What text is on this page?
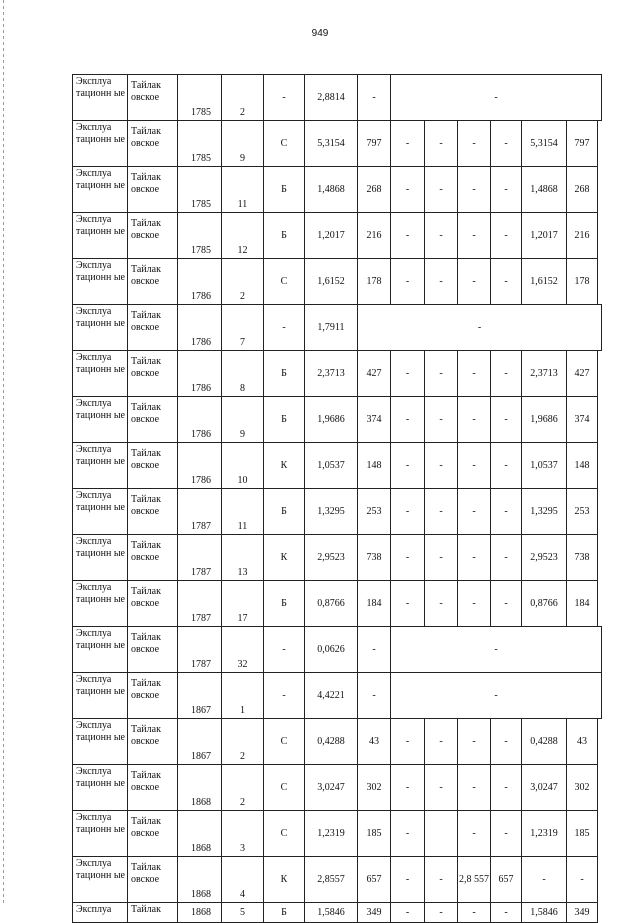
949
Эксплуа тационн ые	Тайлак овское	1785	2	-	2,8814	-	-					
Эксплуа тационн ые	Тайлак овское	1785	9	С	5,3154	797	-	-	-	-	5,3154	797
Эксплуа тационн ые	Тайлак овское	1785	11	Б	1,4868	268	-	-	-	-	1,4868	268
Эксплуа тационн ые	Тайлак овское	1785	12	Б	1,2017	216	-	-	-	-	1,2017	216
Эксплуа тационн ые	Тайлак овское	1786	2	С	1,6152	178	-	-	-	-	1,6152	178
Эксплуа тационн ые	Тайлак овское	1786	7	-	1,7911	-						
Эксплуа тационн ые	Тайлак овское	1786	8	Б	2,3713	427	-	-	-	-	2,3713	427
Эксплуа тационн ые	Тайлак овское	1786	9	Б	1,9686	374	-	-	-	-	1,9686	374
Эксплуа тационн ые	Тайлак овское	1786	10	К	1,0537	148	-	-	-	-	1,0537	148
Эксплуа тационн ые	Тайлак овское	1787	11	Б	1,3295	253	-	-	-	-	1,3295	253
Эксплуа тационн ые	Тайлак овское	1787	13	К	2,9523	738	-	-	-	-	2,9523	738
Эксплуа тационн ые	Тайлак овское	1787	17	Б	0,8766	184	-	-	-	-	0,8766	184
Эксплуа тационн ые	Тайлак овское	1787	32	-	0,0626	-	-					
Эксплуа тационн ые	Тайлак овское	1867	1	-	4,4221	-	-					
Эксплуа тационн ые	Тайлак овское	1867	2	С	0,4288	43	-	-	-	-	0,4288	43
Эксплуа тационн ые	Тайлак овское	1868	2	С	3,0247	302	-	-	-	-	3,0247	302
Эксплуа тационн ые	Тайлак овское	1868	3	С	1,2319	185	-		-	-	1,2319	185
Эксплуа тационн ые	Тайлак овское	1868	4	К	2,8557	657	-	-	2,8 557	657	-	-
Эксплуа	Тайлак	1868	5	Б	1,5846	349	-	-	-	-	1,5846	349
